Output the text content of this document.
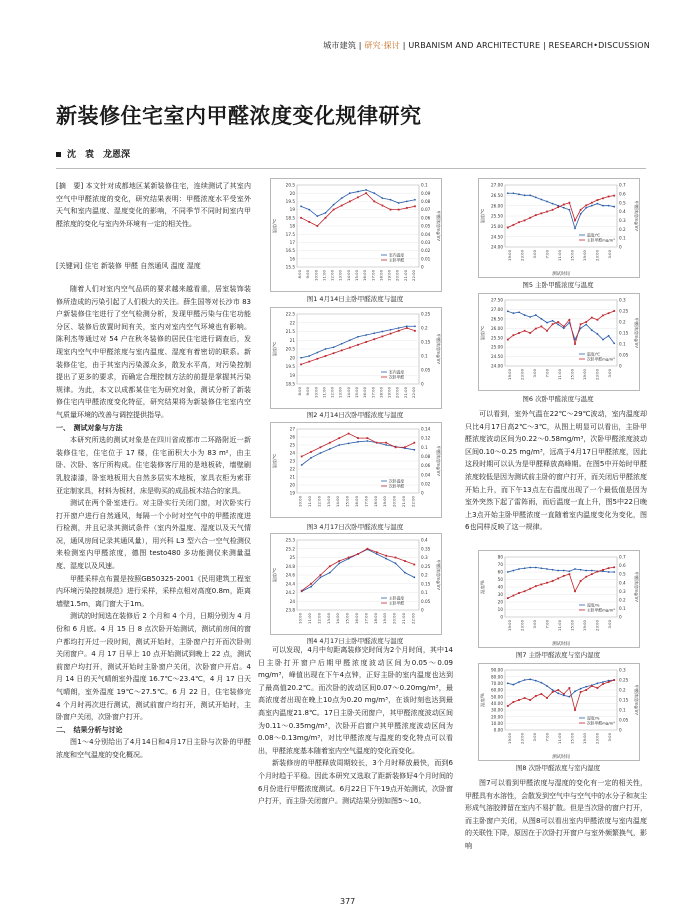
城市建筑 | 研究·探讨 | URBANISM AND ARCHITECTURE | RESEARCH•DISCUSSION
新装修住宅室内甲醛浓度变化规律研究
沈　袁　龙恩深
[摘　要] 本文针对成都地区某新装修住宅，连续测试了其室内空气中甲醛浓度的变化，研究结果表明：甲醛浓度水平受室外天气和室内温度、湿度变化的影响，不同季节不同时间室内甲醛浓度的变化与室内外环境有一定的相关性。
[关键词] 住宅 新装修 甲醛 自然通风 温度 湿度

随着人们对室内空气品质的要求越来越看重，居室装饰装修所造成的污染引起了人们极大的关注。薛生国等对长沙市 83 户新装修住宅进行了空气检测分析，发现甲醛污染与住宅功能分区、装修后放置时间有关，室内对室内空气环境也有影响。陈利杰等通过对 54 户在秋冬装修的居民住宅进行调查后，发现室内空气中甲醛浓度与室内温度、湿度有着密切的联系。新装修住宅，由于其室内污染源众多，散发水平高，对污染控制提出了更多的要求，而确定合理控制方法的前提是掌握其污染规律。为此，本文以成都某住宅为研究对象，测试分析了新装修住宅内甲醛浓度变化特征，研究结果将为新装修住宅室内空气质量环境的改善与调控提供指导。

一、　测试对象与方法

本研究所选的测试对象是在四川省成都市二环路附近一新装修住宅，住宅位于 17 楼，住宅面积大小为 83 m²，由主卧、次卧、客厅所构成。住宅装修客厅用的是地板砖，墙壁刷乳胶漆漆，卧室地板用大自然多层实木地板，家具衣柜为索菲亚定制家具，材料为板材，床是购买的成品板木结合的家具。

测试在两个卧室进行。对主卧实行关闭门窗，对次卧实行打开窗户进行自然通风，每隔一个小时对空气中的甲醛浓度进行检测，并且记录其测试条件（室内外温度、湿度以及天气情况，通风房间记录其通风量），用兴科 L3 型六合一空气检测仪来检测室内甲醛浓度，德图 testo480 多功能测仪来测量温度、湿度以及风速。

甲醛采样点布置是按照GB50325-2001《民用建筑工程室内环境污染控制规范》进行采样，采样点相对高度0.8m，距离墙壁1.5m，离门窗大于1m。

测试的时间选在装修后 2 个月和 4 个月，日期分别为 4 月份和 6 月底。4 月 15 日 8 点次卧开始测试，测试前房间的窗户都均打开过一段时间，测试开始时，主卧窗户打开而次卧则关闭窗户。4 月 17 日早上 10 点开始测试到晚上 22 点，测试前窗户均打开，测试开始时主卧窗户关闭，次卧窗户开启。4 月 14 日的天气晴朗室外温度 16.7℃～23.4℃，4 月 17 日天气晴朗，室外温度 19℃～27.5℃。6 月 22 日，住宅装修完 4 个月时再次进行测试，测试前窗户均打开，测试开始时，主卧窗户关闭，次卧窗户打开。

二、　结果分析与讨论

图1～4分别给出了4月14日和4月17日主卧与次卧的甲醛浓度和空气温度的变化概况。

可以发现，4月中旬距离装修完时间为2个月时间，其中14日主卧打开窗户后期甲醛浓度波动区间为0.05～0.09 mg/m³，峰值出现在下午4点钟，正好主卧的室内温度也达到了最高值20.2℃。而次卧的波动区间0.07～0.20mg/m³，最高浓度者出现在晚上10点为0.20 mg/m³，在该时刻也达到最高室内温度21.8℃。17日主卧关闭窗户，其甲醛浓度波动区间为0.11～0.35mg/m³，次卧开启窗户其甲醛浓度波动区间为0.08～0.13mg/m³，对比甲醛浓度与温度的变化特点可以看出，甲醛浓度基本随着室内空气温度的变化而变化。

新装修房的甲醛释放周期较长，3个月时释放最快，而到6个月时趋于平稳。因此本研究又选取了距新装修好4个月时间的6月份进行甲醛浓度测试。6月22日下午19点开始测试，次卧窗户打开，而主卧关闭窗户。测试结果分别如图5～10。

可以看到，室外气温在22℃～29℃波动，室内温度却只比4月17日高2℃～3℃，从图上明显可以看出，主卧甲醛浓度波动区间为0.22～0.58mg/m³，次卧甲醛浓度波动区间0.10～0.25 mg/m³，远高于4月17日甲醛浓度，因此这段时期可以认为是甲醛释放高峰期。在图5中开始时甲醛浓度较低是因为测试前主卧的窗户打开，而关闭后甲醛浓度开始上升，而下午13点左右温度出现了一个最低值是因为室外突然下起了雷阵雨，而后温度一直上升，图5中22日晚上3点开始主卧甲醛浓度一直随着室内温度变化为变化，图6也同样反映了这一规律。

图7可以看到甲醛浓度与湿度的变化有一定的相关性，甲醛具有水溶性，会散发到空气中与空气中的水分子和灰尘形成气溶胶滞留在室内不易扩散。但是当次卧的窗户打开，而主卧窗户关闭，从图8可以看出室内甲醛浓度与室内温度的关联性下降，原因在于次卧打开窗户与室外频繁换气，影响

20.5
20
19.5
19
18.5
18
17.5
17
16.5
16
15.5
0.1
0.09
0.08
0.07
0.06
0.05
0.04
0.03
0.02
0.01
0
温度/℃	甲醛浓度mg/m³
8:00 9:00 10:00 11:00 12:00 13:00 14:00 15:00 16:00 17:00 18:00 19:00 20:00 21:00 22:00
室内温度
主卧甲醛
图1 4月14日主卧甲醛浓度与温度
22.5
22
21.5
21
20.5
20
19.5
19
18.5
0.25
0.2
0.15
0.1
0.05
0
温度/℃	甲醛浓度mg/m³
8:00 9:00 10:00 11:00 12:00 13:00 14:00 15:00 16:00 17:00 18:00 19:00 20:00 21:00 22:00
室内温度
次卧甲醛
图2 4月14日次卧甲醛浓度与温度
27
26
25
24
23
22
21
20
19
0.14
0.12
0.1
0.08
0.06
0.04
0.02
0
温度/℃	甲醛浓度mg/m³
10:00 11:00 12:00 13:00 14:00 15:00 16:00 17:00 18:00 19:00 20:00 21:00 22:00
次卧温度
次卧甲醛
图3 4月17日次卧甲醛浓度与温度
25.3
25.2
25
24.8
24.6
24.4
24.2
24
23.8
0.4
0.35
0.3
0.25
0.2
0.15
0.1
0.05
0
温度/℃	甲醛浓度mg/m³
10:00 11:00 12:00 13:00 14:00 15:00 16:00 17:00 18:00 19:00 20:00 21:00 22:00
主卧温度
主卧甲醛
图4 4月17日主卧甲醛浓度与温度
27.00
26.50
26.00
25.50
25.00
24.50
24.00
0.7
0.6
0.5
0.4
0.3
0.2
0.1
0
温度/℃	甲醛浓度mg/m³
19:00 23:00 3:00 7:00 11:00 15:00 19:00 23:00 3:00
测试时间
温度/℃
主卧甲醛mg/m³
图5 主卧甲醛浓度与温度
27.50
27.00
26.50
26.00
25.50
25.00
24.50
24.00
0.3
0.25
0.2
0.15
0.1
0.05
0
温度/℃	甲醛浓度mg/m³
19:00 23:00 3:00 7:00 11:00 15:00 19:00 23:00 3:00
温度/℃
次卧甲醛mg/m³
图6 次卧甲醛浓度与温度
80
70
60
50
40
30
20
10
0
0.7
0.6
0.5
0.4
0.3
0.2
0.1
0
湿度/%	甲醛浓度mg/m³
19:00 23:00 3:00 7:00 11:00 15:00 19:00 23:00 3:00
测试时间
湿度/%
主卧甲醛mg/m³
图7 主卧甲醛浓度与室内湿度
90.00
80.00
70.00
60.00
50.00
40.00
30.00
20.00
10.00
0.00
0.3
0.25
0.2
0.15
0.1
0.05
0
湿度/%	甲醛浓度mg/m³
19:00 23:00 3:00 7:00 11:00 15:00 19:00 23:00 3:00
测试时间
湿度/%
次卧甲醛mg/m³
图8 次卧甲醛浓度与室内湿度
377
